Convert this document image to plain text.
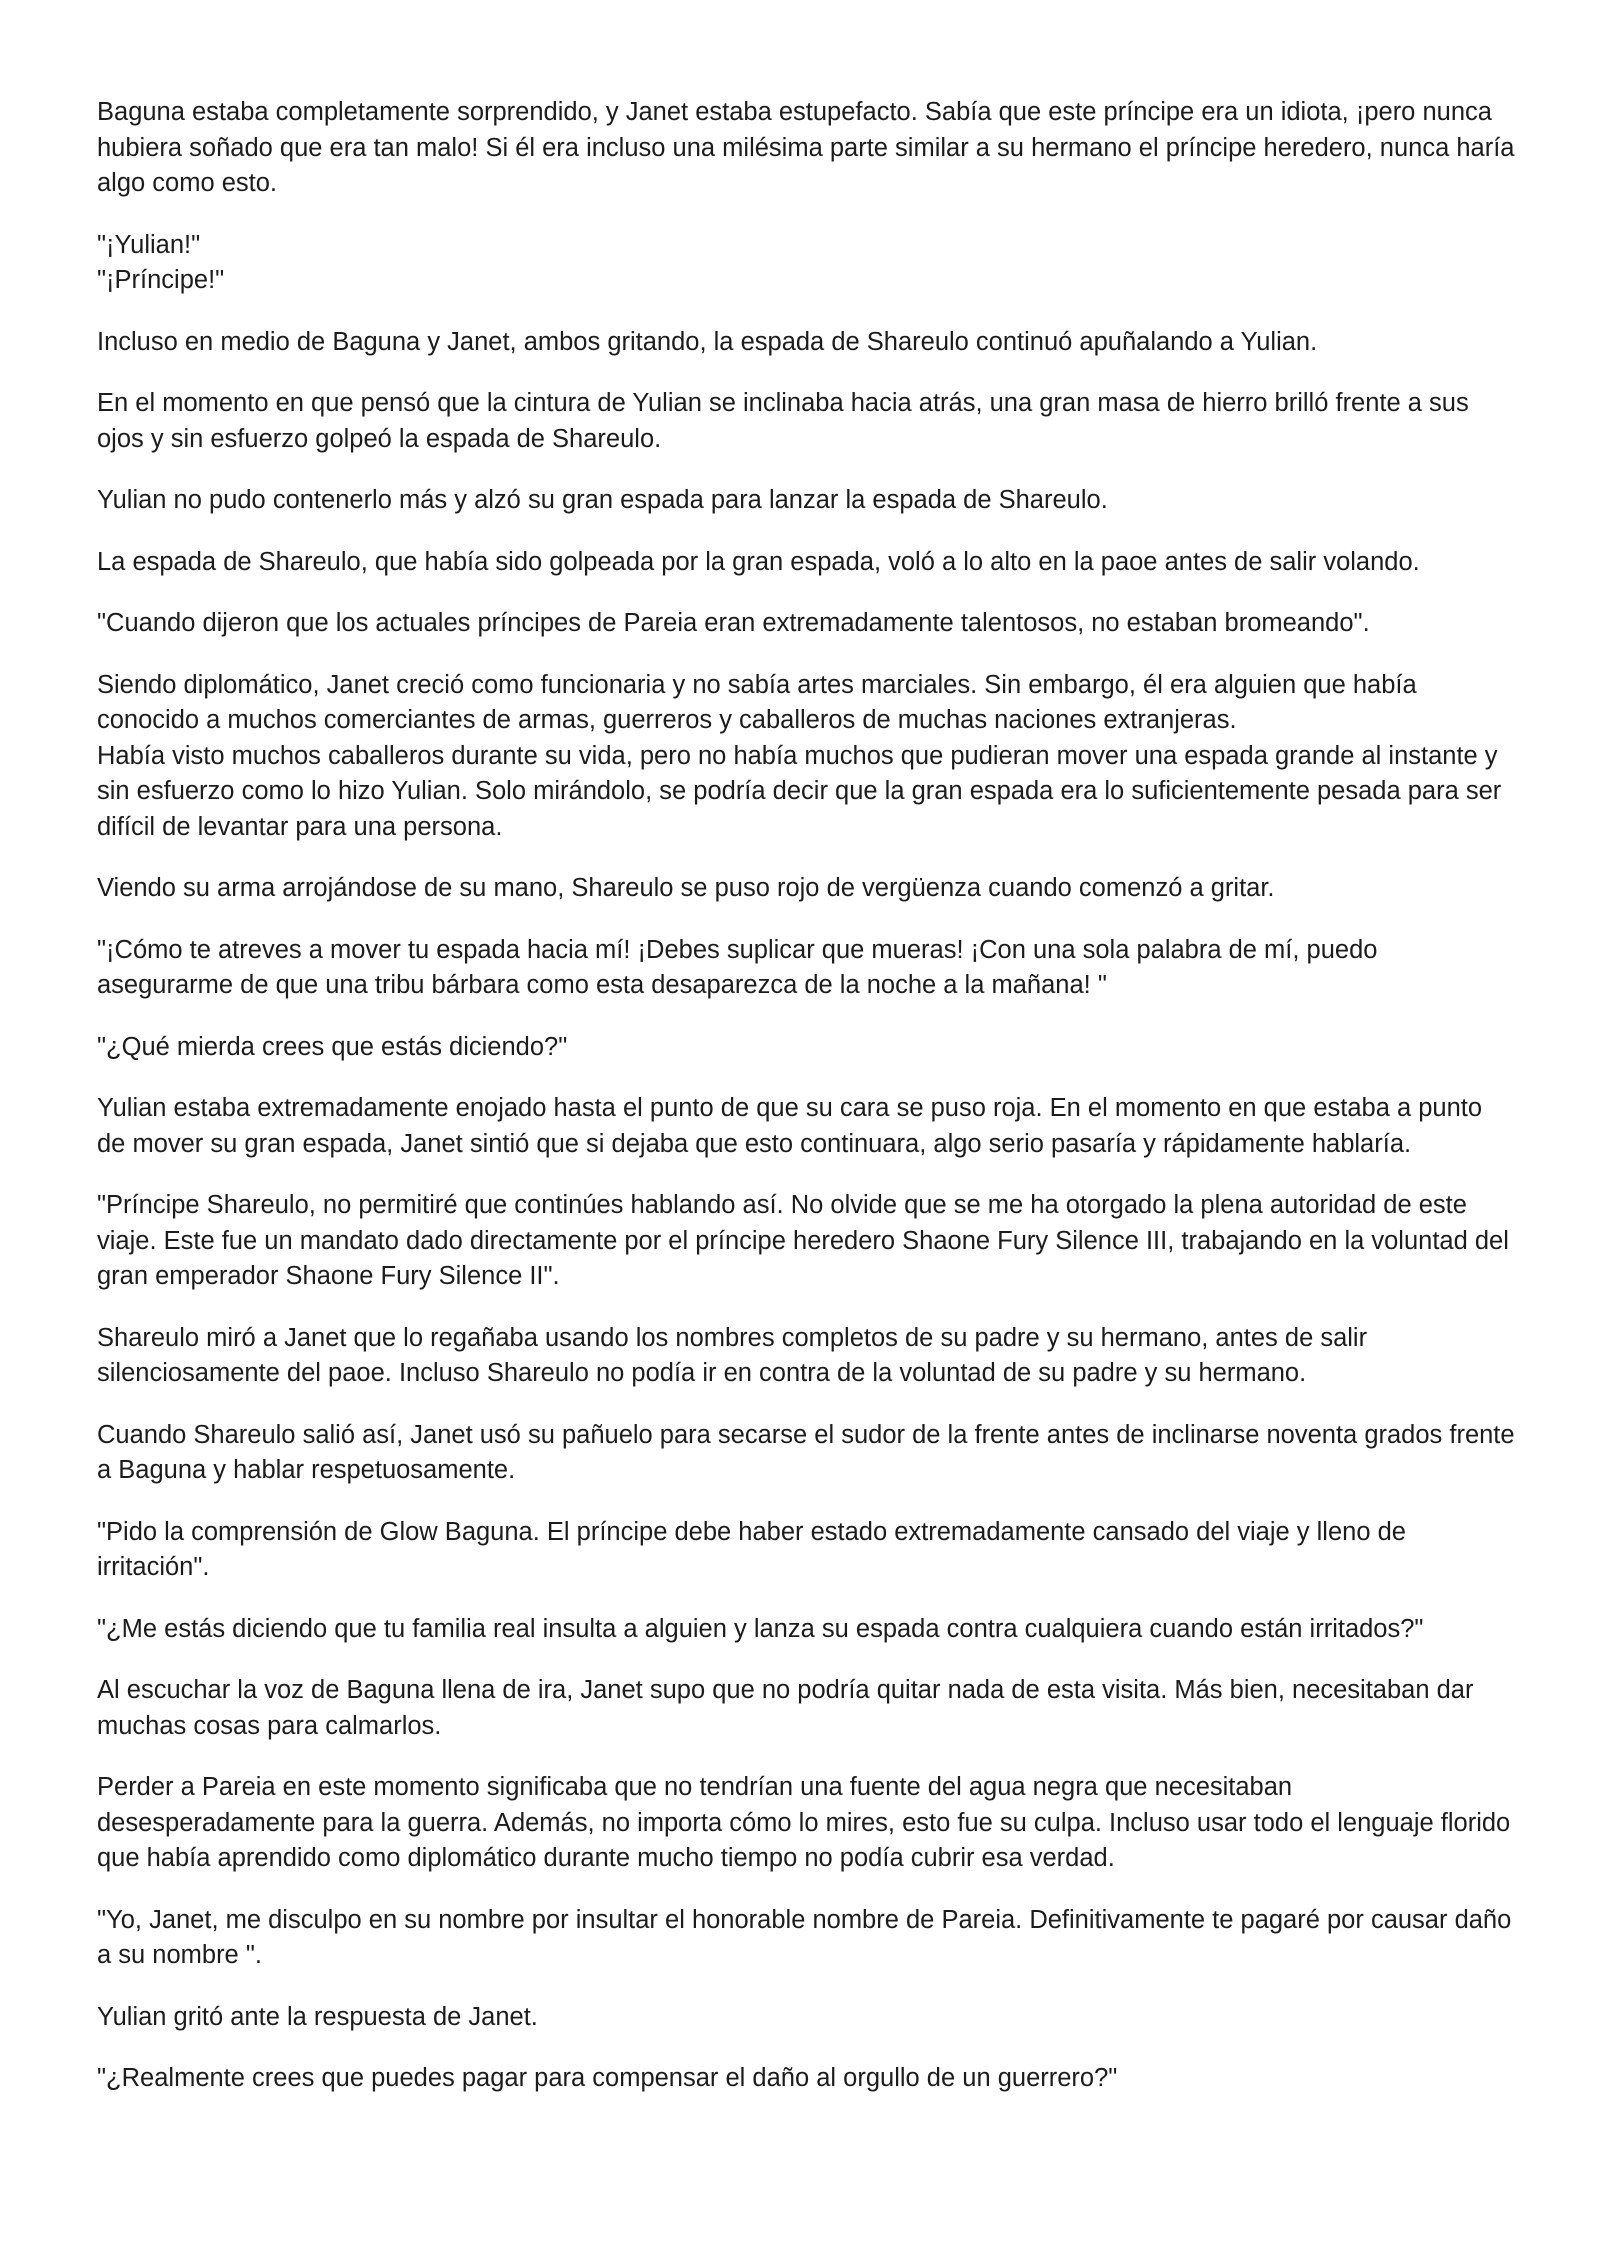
Baguna estaba completamente sorprendido, y Janet estaba estupefacto. Sabía que este príncipe era un idiota, ¡pero nunca hubiera soñado que era tan malo! Si él era incluso una milésima parte similar a su hermano el príncipe heredero, nunca haría algo como esto.

"¡Yulian!"
"¡Príncipe!"

Incluso en medio de Baguna y Janet, ambos gritando, la espada de Shareulo continuó apuñalando a Yulian.

En el momento en que pensó que la cintura de Yulian se inclinaba hacia atrás, una gran masa de hierro brilló frente a sus ojos y sin esfuerzo golpeó la espada de Shareulo.

Yulian no pudo contenerlo más y alzó su gran espada para lanzar la espada de Shareulo.

La espada de Shareulo, que había sido golpeada por la gran espada, voló a lo alto en la paoe antes de salir volando.

"Cuando dijeron que los actuales príncipes de Pareia eran extremadamente talentosos, no estaban bromeando".

Siendo diplomático, Janet creció como funcionaria y no sabía artes marciales. Sin embargo, él era alguien que había conocido a muchos comerciantes de armas, guerreros y caballeros de muchas naciones extranjeras.
Había visto muchos caballeros durante su vida, pero no había muchos que pudieran mover una espada grande al instante y sin esfuerzo como lo hizo Yulian. Solo mirándolo, se podría decir que la gran espada era lo suficientemente pesada para ser difícil de levantar para una persona.

Viendo su arma arrojándose de su mano, Shareulo se puso rojo de vergüenza cuando comenzó a gritar.

"¡Cómo te atreves a mover tu espada hacia mí! ¡Debes suplicar que mueras! ¡Con una sola palabra de mí, puedo asegurarme de que una tribu bárbara como esta desaparezca de la noche a la mañana! "

"¿Qué mierda crees que estás diciendo?"

Yulian estaba extremadamente enojado hasta el punto de que su cara se puso roja. En el momento en que estaba a punto de mover su gran espada, Janet sintió que si dejaba que esto continuara, algo serio pasaría y rápidamente hablaría.

"Príncipe Shareulo, no permitiré que continúes hablando así. No olvide que se me ha otorgado la plena autoridad de este viaje. Este fue un mandato dado directamente por el príncipe heredero Shaone Fury Silence III, trabajando en la voluntad del gran emperador Shaone Fury Silence II".

Shareulo miró a Janet que lo regañaba usando los nombres completos de su padre y su hermano, antes de salir silenciosamente del paoe. Incluso Shareulo no podía ir en contra de la voluntad de su padre y su hermano.

Cuando Shareulo salió así, Janet usó su pañuelo para secarse el sudor de la frente antes de inclinarse noventa grados frente a Baguna y hablar respetuosamente.

"Pido la comprensión de Glow Baguna. El príncipe debe haber estado extremadamente cansado del viaje y lleno de irritación".

"¿Me estás diciendo que tu familia real insulta a alguien y lanza su espada contra cualquiera cuando están irritados?"

Al escuchar la voz de Baguna llena de ira, Janet supo que no podría quitar nada de esta visita. Más bien, necesitaban dar muchas cosas para calmarlos.

Perder a Pareia en este momento significaba que no tendrían una fuente del agua negra que necesitaban desesperadamente para la guerra. Además, no importa cómo lo mires, esto fue su culpa. Incluso usar todo el lenguaje florido que había aprendido como diplomático durante mucho tiempo no podía cubrir esa verdad.

"Yo, Janet, me disculpo en su nombre por insultar el honorable nombre de Pareia. Definitivamente te pagaré por causar daño a su nombre ".

Yulian gritó ante la respuesta de Janet.

"¿Realmente crees que puedes pagar para compensar el daño al orgullo de un guerrero?"
